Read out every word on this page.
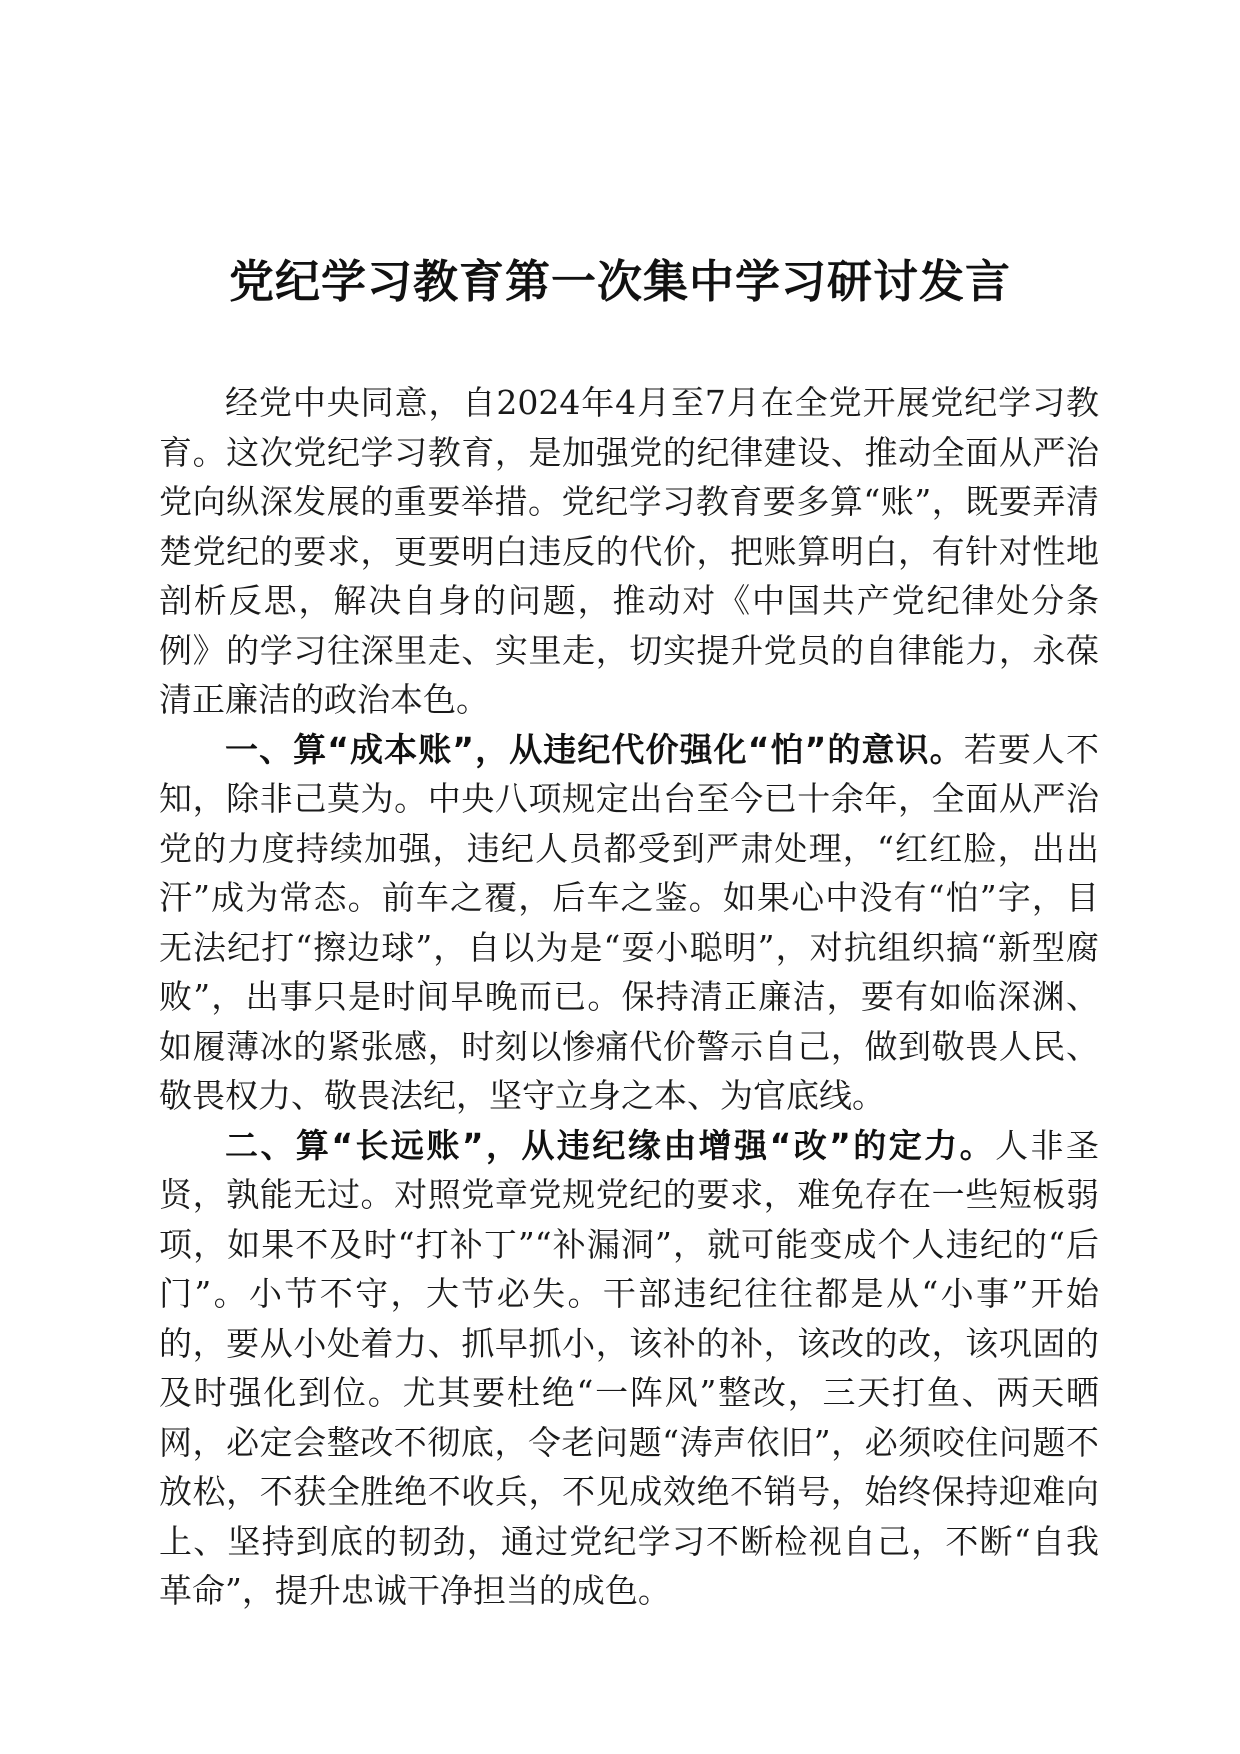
党纪学习教育第一次集中学习研讨发言

经党中央同意，自2024年4月至7月在全党开展党纪学习教育。这次党纪学习教育，是加强党的纪律建设、推动全面从严治党向纵深发展的重要举措。党纪学习教育要多算“账”，既要弄清楚党纪的要求，更要明白违反的代价，把账算明白，有针对性地剖析反思，解决自身的问题，推动对《中国共产党纪律处分条例》的学习往深里走、实里走，切实提升党员的自律能力，永葆清正廉洁的政治本色。

一、算“成本账”，从违纪代价强化“怕”的意识。若要人不知，除非己莫为。中央八项规定出台至今已十余年，全面从严治党的力度持续加强，违纪人员都受到严肃处理，“红红脸，出出汗”成为常态。前车之覆，后车之鉴。如果心中没有“怕”字，目无法纪打“擦边球”，自以为是“耍小聪明”，对抗组织搞“新型腐败”，出事只是时间早晚而已。保持清正廉洁，要有如临深渊、如履薄冰的紧张感，时刻以惨痛代价警示自己，做到敬畏人民、敬畏权力、敬畏法纪，坚守立身之本、为官底线。

二、算“长远账”，从违纪缘由增强“改”的定力。人非圣贤，孰能无过。对照党章党规党纪的要求，难免存在一些短板弱项，如果不及时“打补丁”“补漏洞”，就可能变成个人违纪的“后门”。小节不守，大节必失。干部违纪往往都是从“小事”开始的，要从小处着力、抓早抓小，该补的补，该改的改，该巩固的及时强化到位。尤其要杜绝“一阵风”整改，三天打鱼、两天晒网，必定会整改不彻底，令老问题“涛声依旧”，必须咬住问题不放松，不获全胜绝不收兵，不见成效绝不销号，始终保持迎难向上、坚持到底的韧劲，通过党纪学习不断检视自己，不断“自我革命”，提升忠诚干净担当的成色。
